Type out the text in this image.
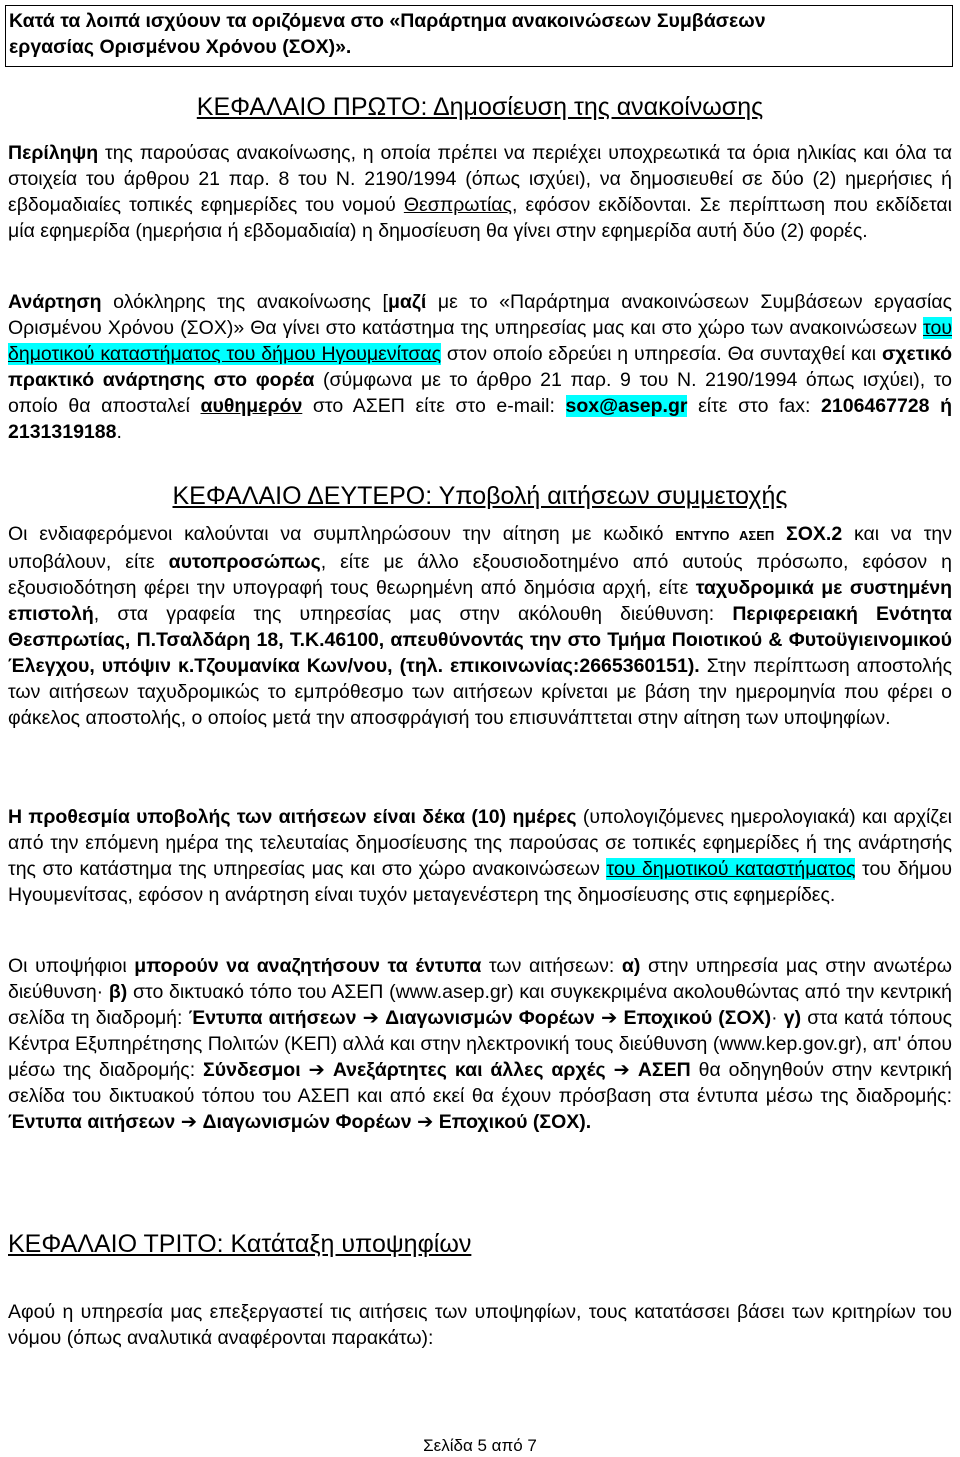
Κατά τα λοιπά ισχύουν τα οριζόμενα στο «Παράρτημα ανακοινώσεων Συμβάσεων
εργασίας Ορισμένου Χρόνου (ΣΟΧ)».
ΚΕΦΑΛΑΙΟ ΠΡΩΤΟ: Δημοσίευση της ανακοίνωσης
Περίληψη της παρούσας ανακοίνωσης, η οποία πρέπει να περιέχει υποχρεωτικά τα όρια ηλικίας και όλα τα στοιχεία του άρθρου 21 παρ. 8 του Ν. 2190/1994 (όπως ισχύει), να δημοσιευθεί σε δύο (2) ημερήσιες ή εβδομαδιαίες τοπικές εφημερίδες του νομού Θεσπρωτίας, εφόσον εκδίδονται. Σε περίπτωση που εκδίδεται μία εφημερίδα (ημερήσια ή εβδομαδιαία) η δημοσίευση θα γίνει στην εφημερίδα αυτή δύο (2) φορές.
Ανάρτηση ολόκληρης της ανακοίνωσης [μαζί με το «Παράρτημα ανακοινώσεων Συμβάσεων εργασίας Ορισμένου Χρόνου (ΣΟΧ)» Θα γίνει στο κατάστημα της υπηρεσίας μας και στο χώρο των ανακοινώσεων του δημοτικού καταστήματος του δήμου Ηγουμενίτσας στον οποίο εδρεύει η υπηρεσία. Θα συνταχθεί και σχετικό πρακτικό ανάρτησης στο φορέα (σύμφωνα με το άρθρο 21 παρ. 9 του Ν. 2190/1994 όπως ισχύει), το οποίο θα αποσταλεί αυθημερόν στο ΑΣΕΠ είτε στο e-mail: sox@asep.gr είτε στο fax: 2106467728 ή 2131319188.
ΚΕΦΑΛΑΙΟ ΔΕΥΤΕΡΟ: Υποβολή αιτήσεων συμμετοχής
Οι ενδιαφερόμενοι καλούνται να συμπληρώσουν την αίτηση με κωδικό ΕΝΤΥΠΟ ΑΣΕΠ ΣΟΧ.2 και να την υποβάλουν, είτε αυτοπροσώπως, είτε με άλλο εξουσιοδοτημένο από αυτούς πρόσωπο, εφόσον η εξουσιοδότηση φέρει την υπογραφή τους θεωρημένη από δημόσια αρχή, είτε ταχυδρομικά με συστημένη επιστολή, στα γραφεία της υπηρεσίας μας στην ακόλουθη διεύθυνση: Περιφερειακή Ενότητα Θεσπρωτίας, Π.Τσαλδάρη 18, Τ.Κ.46100, απευθύνοντάς την στο Τμήμα Ποιοτικού & Φυτοϋγιεινομικού Έλεγχου, υπόψιν κ.Τζουμανίκα Κων/νου, (τηλ. επικοινωνίας:2665360151). Στην περίπτωση αποστολής των αιτήσεων ταχυδρομικώς το εμπρόθεσμο των αιτήσεων κρίνεται με βάση την ημερομηνία που φέρει ο φάκελος αποστολής, ο οποίος μετά την αποσφράγισή του επισυνάπτεται στην αίτηση των υποψηφίων.
Η προθεσμία υποβολής των αιτήσεων είναι δέκα (10) ημέρες (υπολογιζόμενες ημερολογιακά) και αρχίζει από την επόμενη ημέρα της τελευταίας δημοσίευσης της παρούσας σε τοπικές εφημερίδες ή της ανάρτησής της στο κατάστημα της υπηρεσίας μας και στο χώρο ανακοινώσεων του δημοτικού καταστήματος του δήμου Ηγουμενίτσας, εφόσον η ανάρτηση είναι τυχόν μεταγενέστερη της δημοσίευσης στις εφημερίδες.
Οι υποψήφιοι μπορούν να αναζητήσουν τα έντυπα των αιτήσεων: α) στην υπηρεσία μας στην ανωτέρω διεύθυνση· β) στο δικτυακό τόπο του ΑΣΕΠ (www.asep.gr) και συγκεκριμένα ακολουθώντας από την κεντρική σελίδα τη διαδρομή: Έντυπα αιτήσεων ➔ Διαγωνισμών Φορέων ➔ Εποχικού (ΣΟΧ)· γ) στα κατά τόπους Κέντρα Εξυπηρέτησης Πολιτών (ΚΕΠ) αλλά και στην ηλεκτρονική τους διεύθυνση (www.kep.gov.gr), απ' όπου μέσω της διαδρομής: Σύνδεσμοι ➔ Ανεξάρτητες και άλλες αρχές ➔ ΑΣΕΠ θα οδηγηθούν στην κεντρική σελίδα του δικτυακού τόπου του ΑΣΕΠ και από εκεί θα έχουν πρόσβαση στα έντυπα μέσω της διαδρομής: Έντυπα αιτήσεων ➔ Διαγωνισμών Φορέων ➔ Εποχικού (ΣΟΧ).
ΚΕΦΑΛΑΙΟ ΤΡΙΤΟ: Κατάταξη υποψηφίων
Αφού η υπηρεσία μας επεξεργαστεί τις αιτήσεις των υποψηφίων, τους κατατάσσει βάσει των κριτηρίων του νόμου (όπως αναλυτικά αναφέρονται παρακάτω):
Σελίδα 5 από 7
